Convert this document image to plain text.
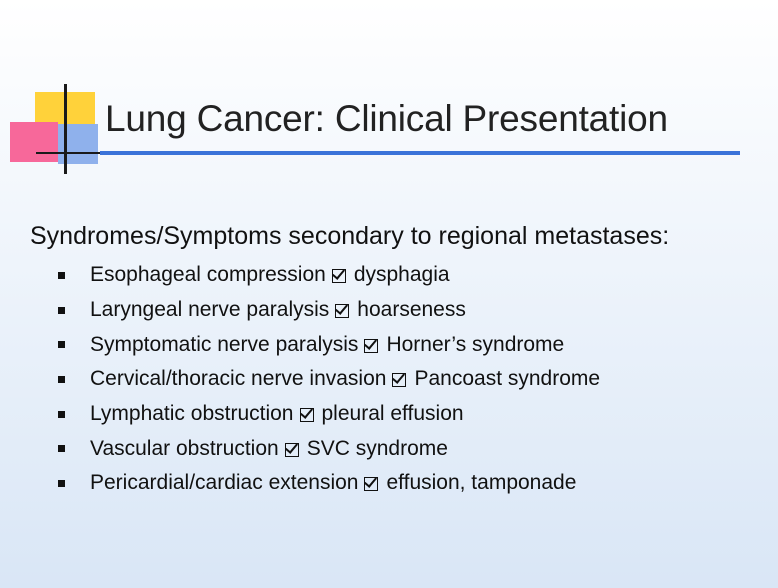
Lung Cancer: Clinical Presentation
Syndromes/Symptoms secondary to regional metastases:
Esophageal compression dysphagia
Laryngeal nerve paralysis hoarseness
Symptomatic nerve paralysis Horner’s syndrome
Cervical/thoracic nerve invasion Pancoast syndrome
Lymphatic obstruction pleural effusion
Vascular obstruction SVC syndrome
Pericardial/cardiac extension effusion, tamponade
